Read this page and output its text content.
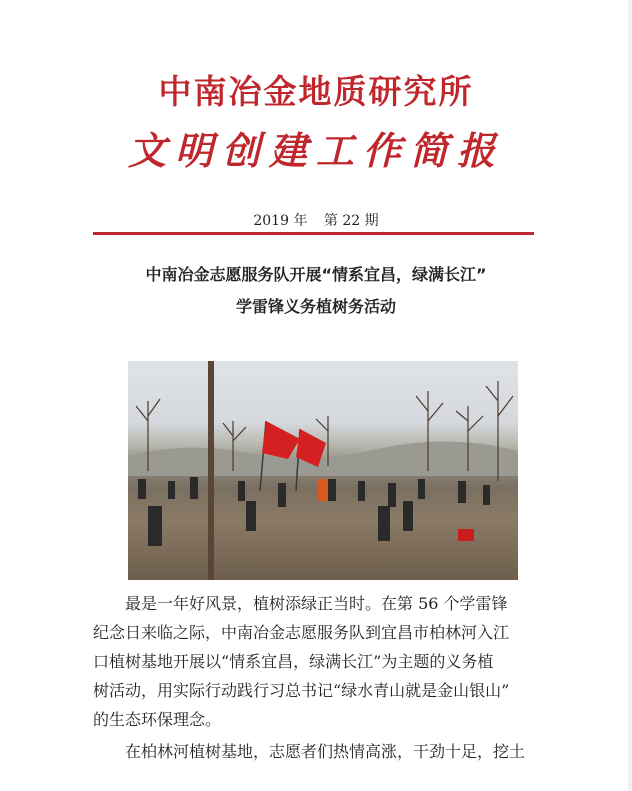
中南冶金地质研究所
文明创建工作简报
2019 年 第 22 期
中南冶金志愿服务队开展“情系宜昌，绿满长江”
学雷锋义务植树务活动
最是一年好风景，植树添绿正当时。在第 56 个学雷锋
纪念日来临之际，中南冶金志愿服务队到宜昌市柏林河入江
口植树基地开展以“情系宜昌，绿满长江”为主题的义务植
树活动，用实际行动践行习总书记“绿水青山就是金山银山”
的生态环保理念。
在柏林河植树基地，志愿者们热情高涨，干劲十足，挖土
